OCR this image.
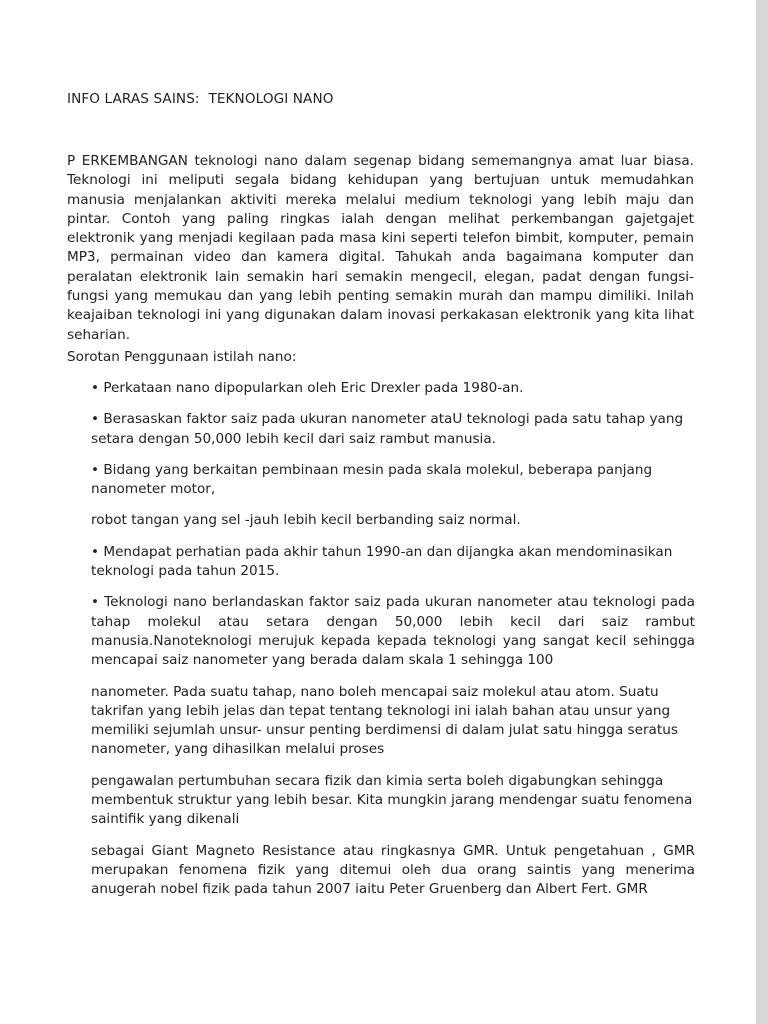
INFO LARAS SAINS:  TEKNOLOGI NANO

P ERKEMBANGAN teknologi nano dalam segenap bidang sememangnya amat luar biasa. Teknologi ini meliputi segala bidang kehidupan yang bertujuan untuk memudahkan manusia menjalankan aktiviti mereka melalui medium teknologi yang lebih maju dan pintar. Contoh yang paling ringkas ialah dengan melihat perkembangan gajetgajet elektronik yang menjadi kegilaan pada masa kini seperti telefon bimbit, komputer, pemain MP3, permainan video dan kamera digital. Tahukah anda bagaimana komputer dan peralatan elektronik lain semakin hari semakin mengecil, elegan, padat dengan fungsi-fungsi yang memukau dan yang lebih penting semakin murah dan mampu dimiliki. Inilah keajaiban teknologi ini yang digunakan dalam inovasi perkakasan elektronik yang kita lihat seharian.

Sorotan Penggunaan istilah nano:

• Perkataan nano dipopularkan oleh Eric Drexler pada 1980-an.

• Berasaskan faktor saiz pada ukuran nanometer atаU teknologi pada satu tahap yang setara dengan 50,000 lebih kecil dari saiz rambut manusia.

• Bidang yang berkaitan pembinaan mesin pada skala molekul, beberapa panjang nanometer motor,

robot tangan yang sel -jauh lebih kecil berbanding saiz normal.

• Mendapat perhatian pada akhir tahun 1990-an dan dijangka akan mendominasikan teknologi pada tahun 2015.

• Teknologi nano berlandaskan faktor saiz pada ukuran nanometer atau teknologi pada tahap molekul atau setara dengan 50,000 lebih kecil dari saiz rambut manusia.Nanoteknologi merujuk kepada kepada teknologi yang sangat kecil sehingga mencapai saiz nanometer yang berada dalam skala 1 sehingga 100

nanometer. Pada suatu tahap, nano boleh mencapai saiz molekul atau atom. Suatu takrifan yang Iebih jelas dan tepat tentang teknologi ini ialah bahan atau unsur yang memiliki sejumlah unsur- unsur penting berdimensi di dalam julat satu hingga seratus nanometer, yang dihasilkan melalui proses

pengawalan pertumbuhan secara fizik dan kimia serta boleh digabungkan sehingga membentuk struktur yang lebih besar. Kita mungkin jarang mendengar suatu fenomena saintifik yang dikenali

sebagai Giant Magneto Resistance atau ringkasnya GMR. Untuk pengetahuan , GMR merupakan fenomena fizik yang ditemui oleh dua orang saintis yang menerima anugerah nobel fizik pada tahun 2007 iaitu Peter Gruenberg dan Albert Fert. GMR
